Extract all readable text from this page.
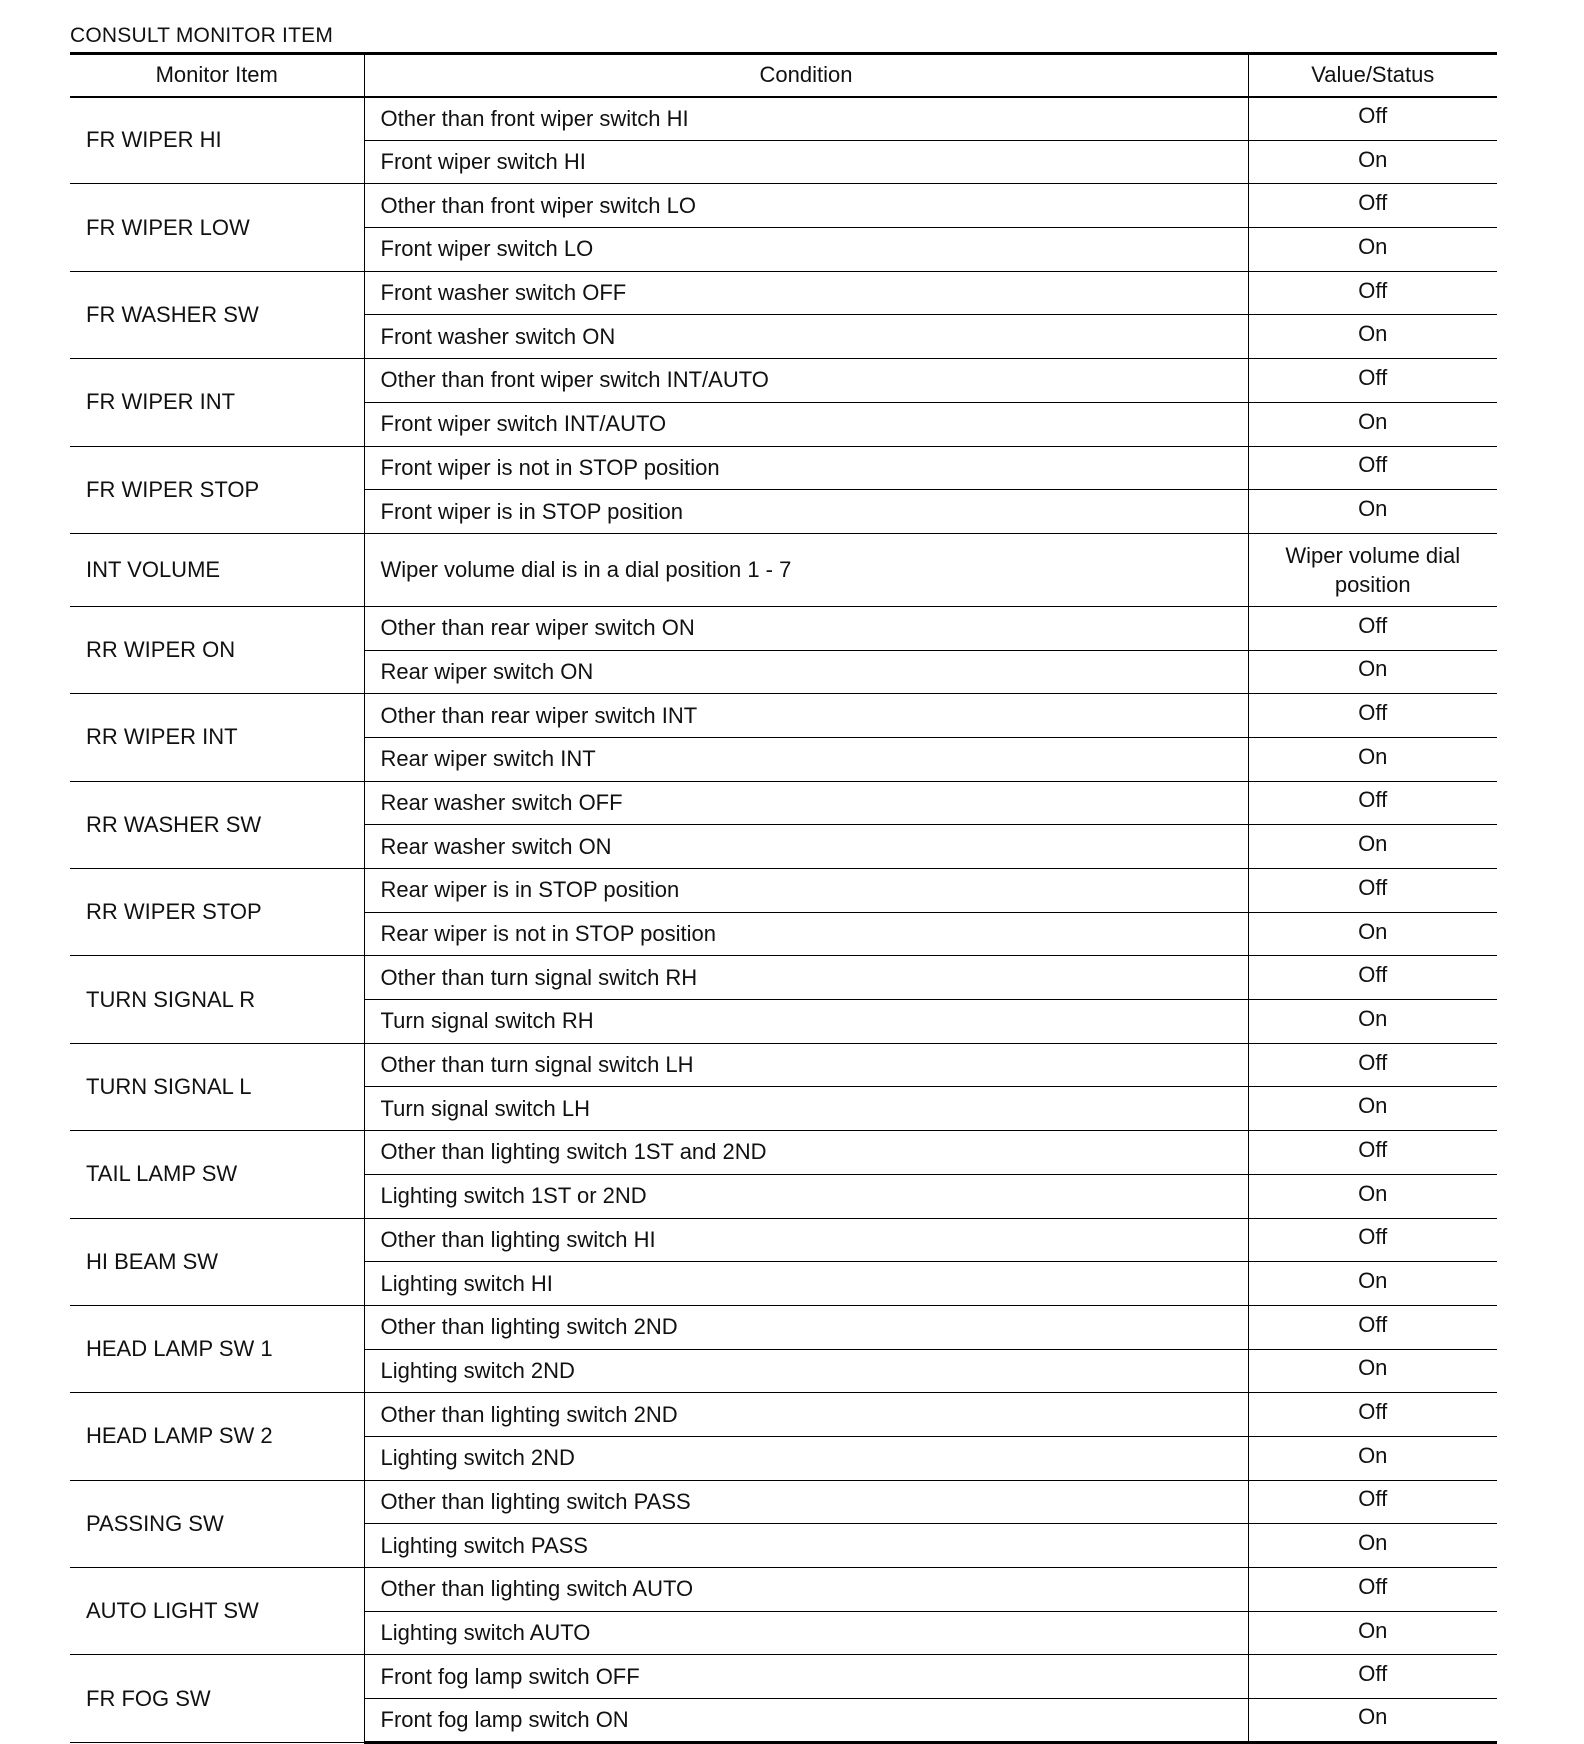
CONSULT MONITOR ITEM
Monitor Item	Condition	Value/Status
FR WIPER HI	Other than front wiper switch HI	Off
	Front wiper switch HI	On
FR WIPER LOW	Other than front wiper switch LO	Off
	Front wiper switch LO	On
FR WASHER SW	Front washer switch OFF	Off
	Front washer switch ON	On
FR WIPER INT	Other than front wiper switch INT/AUTO	Off
	Front wiper switch INT/AUTO	On
FR WIPER STOP	Front wiper is not in STOP position	Off
	Front wiper is in STOP position	On
INT VOLUME	Wiper volume dial is in a dial position 1 - 7	Wiper volume dial position
RR WIPER ON	Other than rear wiper switch ON	Off
	Rear wiper switch ON	On
RR WIPER INT	Other than rear wiper switch INT	Off
	Rear wiper switch INT	On
RR WASHER SW	Rear washer switch OFF	Off
	Rear washer switch ON	On
RR WIPER STOP	Rear wiper is in STOP position	Off
	Rear wiper is not in STOP position	On
TURN SIGNAL R	Other than turn signal switch RH	Off
	Turn signal switch RH	On
TURN SIGNAL L	Other than turn signal switch LH	Off
	Turn signal switch LH	On
TAIL LAMP SW	Other than lighting switch 1ST and 2ND	Off
	Lighting switch 1ST or 2ND	On
HI BEAM SW	Other than lighting switch HI	Off
	Lighting switch HI	On
HEAD LAMP SW 1	Other than lighting switch 2ND	Off
	Lighting switch 2ND	On
HEAD LAMP SW 2	Other than lighting switch 2ND	Off
	Lighting switch 2ND	On
PASSING SW	Other than lighting switch PASS	Off
	Lighting switch PASS	On
AUTO LIGHT SW	Other than lighting switch AUTO	Off
	Lighting switch AUTO	On
FR FOG SW	Front fog lamp switch OFF	Off
	Front fog lamp switch ON	On
